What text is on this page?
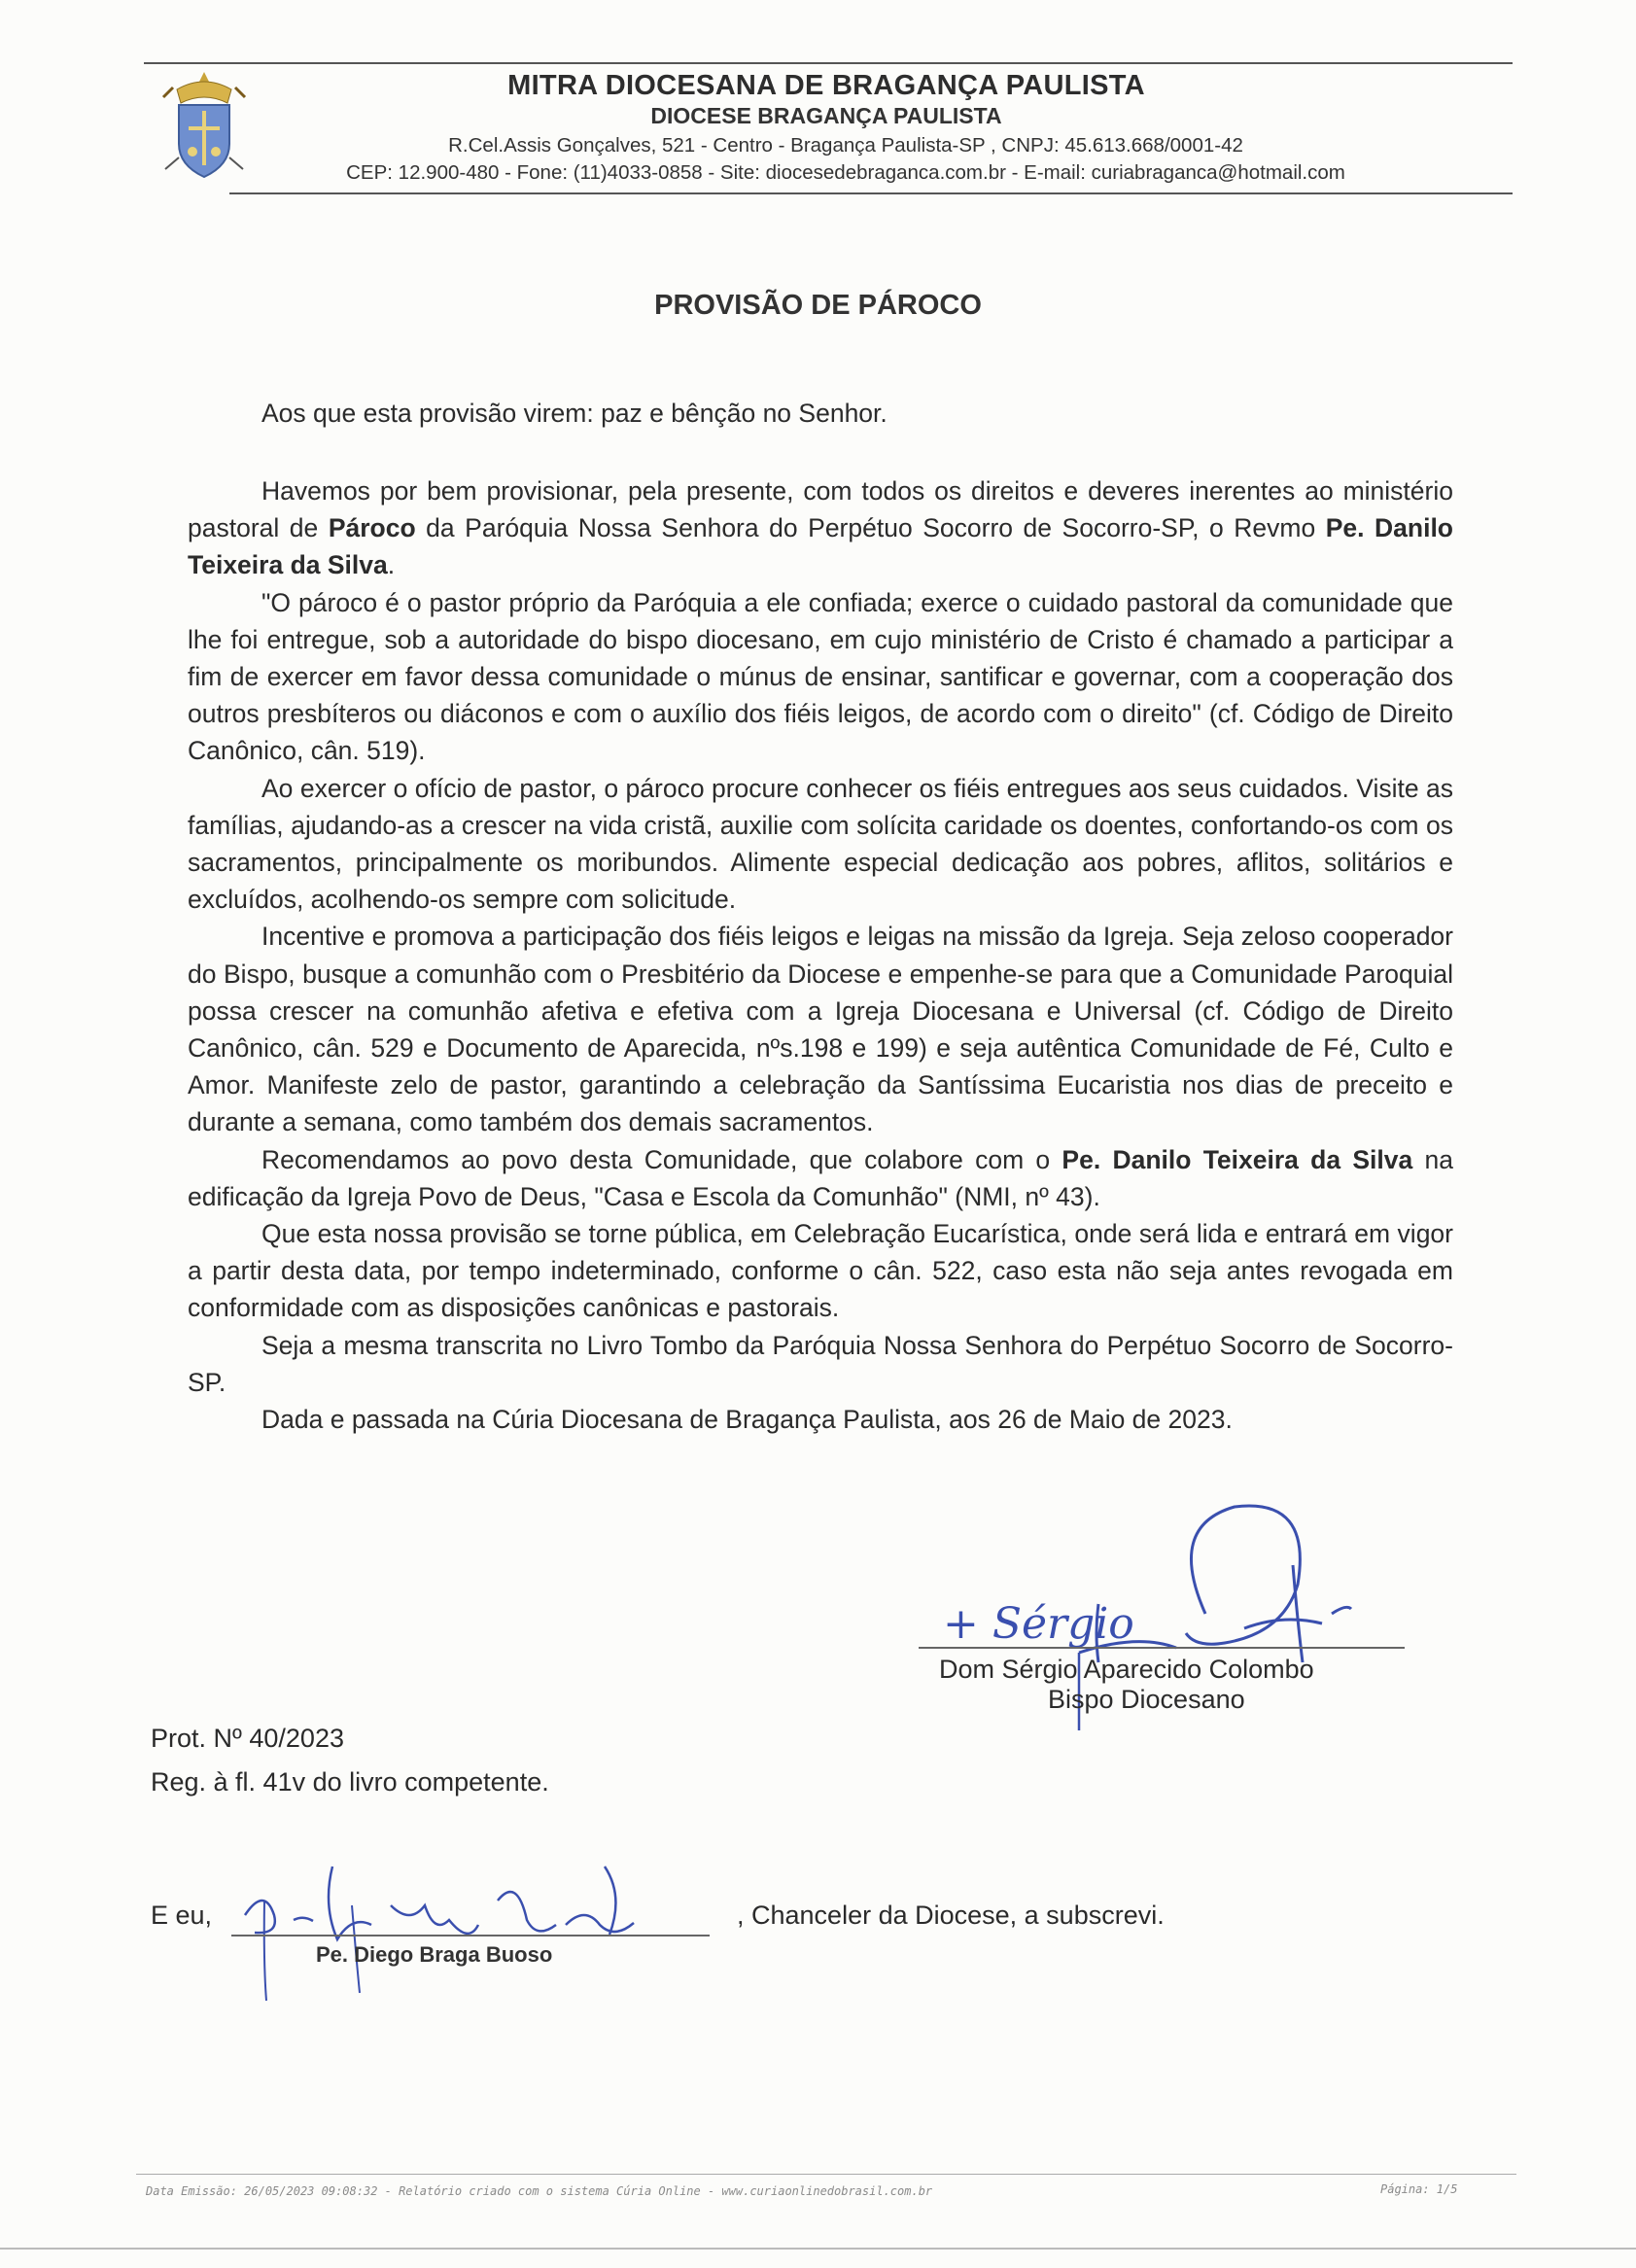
MITRA DIOCESANA DE BRAGANÇA PAULISTA
DIOCESE BRAGANÇA PAULISTA
R.Cel.Assis Gonçalves, 521 - Centro - Bragança Paulista-SP , CNPJ: 45.613.668/0001-42
CEP: 12.900-480 - Fone: (11)4033-0858 - Site: diocesedebraganca.com.br - E-mail: curiabraganca@hotmail.com
PROVISÃO DE PÁROCO
Aos que esta provisão virem: paz e bênção no Senhor.

Havemos por bem provisionar, pela presente, com todos os direitos e deveres inerentes ao ministério pastoral de Pároco da Paróquia Nossa Senhora do Perpétuo Socorro de Socorro-SP, o Revmo Pe. Danilo Teixeira da Silva.

"O pároco é o pastor próprio da Paróquia a ele confiada; exerce o cuidado pastoral da comunidade que lhe foi entregue, sob a autoridade do bispo diocesano, em cujo ministério de Cristo é chamado a participar a fim de exercer em favor dessa comunidade o múnus de ensinar, santificar e governar, com a cooperação dos outros presbíteros ou diáconos e com o auxílio dos fiéis leigos, de acordo com o direito" (cf. Código de Direito Canônico, cân. 519).

Ao exercer o ofício de pastor, o pároco procure conhecer os fiéis entregues aos seus cuidados. Visite as famílias, ajudando-as a crescer na vida cristã, auxilie com solícita caridade os doentes, confortando-os com os sacramentos, principalmente os moribundos. Alimente especial dedicação aos pobres, aflitos, solitários e excluídos, acolhendo-os sempre com solicitude.

Incentive e promova a participação dos fiéis leigos e leigas na missão da Igreja. Seja zeloso cooperador do Bispo, busque a comunhão com o Presbitério da Diocese e empenhe-se para que a Comunidade Paroquial possa crescer na comunhão afetiva e efetiva com a Igreja Diocesana e Universal (cf. Código de Direito Canônico, cân. 529 e Documento de Aparecida, nºs.198 e 199) e seja autêntica Comunidade de Fé, Culto e Amor. Manifeste zelo de pastor, garantindo a celebração da Santíssima Eucaristia nos dias de preceito e durante a semana, como também dos demais sacramentos.

Recomendamos ao povo desta Comunidade, que colabore com o Pe. Danilo Teixeira da Silva na edificação da Igreja Povo de Deus, "Casa e Escola da Comunhão" (NMI, nº 43).

Que esta nossa provisão se torne pública, em Celebração Eucarística, onde será lida e entrará em vigor a partir desta data, por tempo indeterminado, conforme o cân. 522, caso esta não seja antes revogada em conformidade com as disposições canônicas e pastorais.

Seja a mesma transcrita no Livro Tombo da Paróquia Nossa Senhora do Perpétuo Socorro de Socorro-SP.

Dada e passada na Cúria Diocesana de Bragança Paulista, aos 26 de Maio de 2023.

+ Sérgio
Dom Sérgio Aparecido Colombo
Bispo Diocesano
Prot. Nº 40/2023
Reg. à fl. 41v do livro competente.
E eu,	, Chanceler da Diocese, a subscrevi.
Pe. Diego Braga Buoso
Data Emissão: 26/05/2023 09:08:32 - Relatório criado com o sistema Cúria Online - www.curiaonlinedobrasil.com.br	Página: 1/5
